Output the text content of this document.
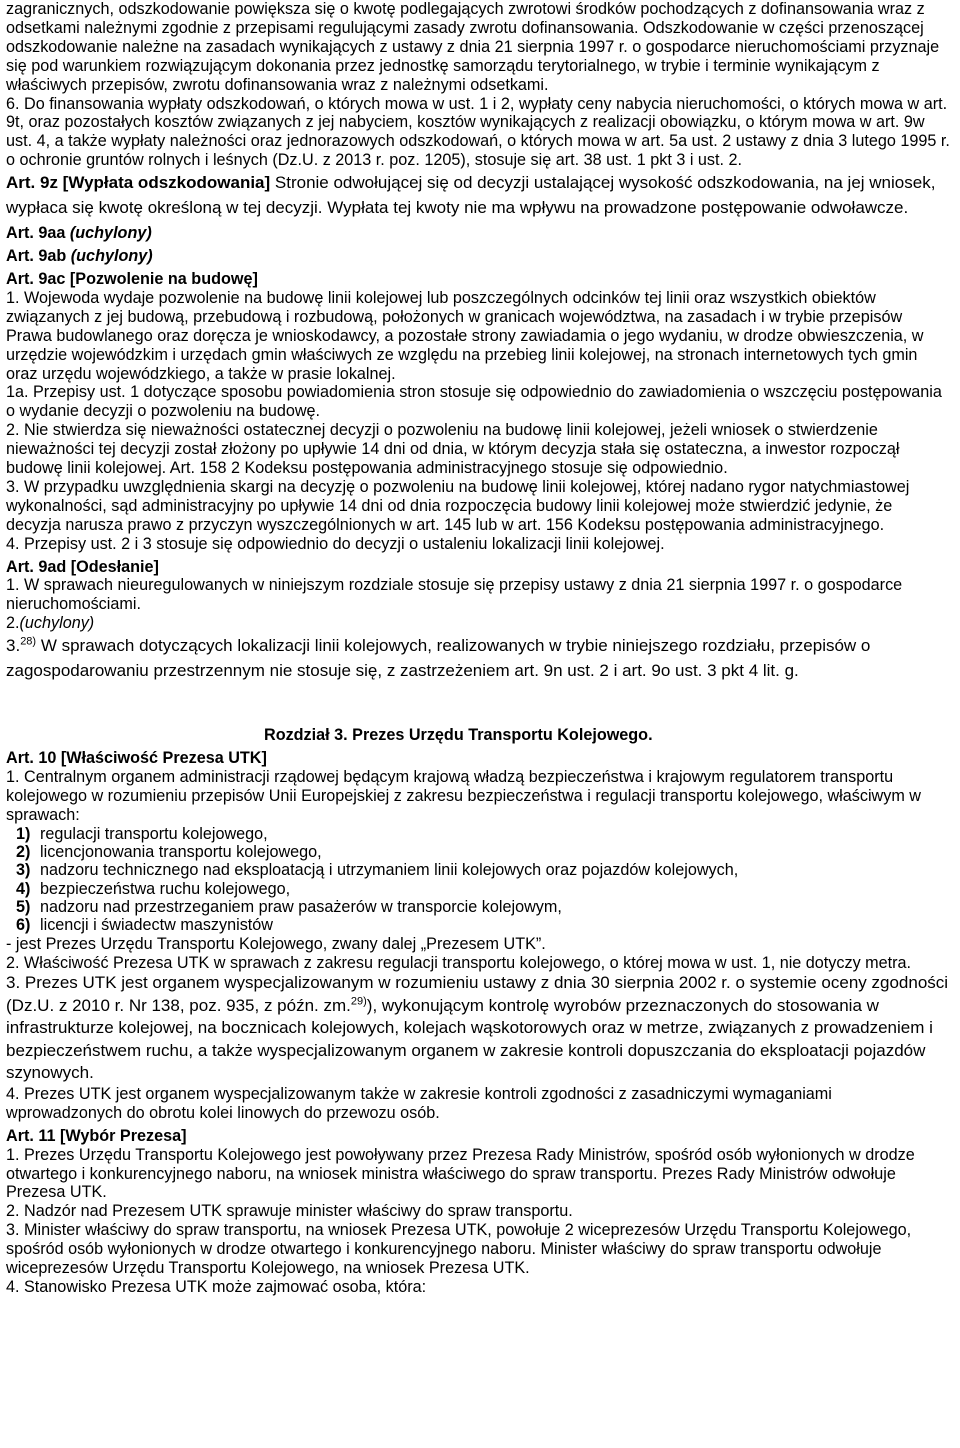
zagranicznych, odszkodowanie powiększa się o kwotę podlegających zwrotowi środków pochodzących z dofinansowania wraz z odsetkami należnymi zgodnie z przepisami regulującymi zasady zwrotu dofinansowania. Odszkodowanie w części przenoszącej odszkodowanie należne na zasadach wynikających z ustawy z dnia 21 sierpnia 1997 r. o gospodarce nieruchomościami przyznaje się pod warunkiem rozwiązującym dokonania przez jednostkę samorządu terytorialnego, w trybie i terminie wynikającym z właściwych przepisów, zwrotu dofinansowania wraz z należnymi odsetkami.

6. Do finansowania wypłaty odszkodowań, o których mowa w ust. 1 i 2, wypłaty ceny nabycia nieruchomości, o których mowa w art. 9t, oraz pozostałych kosztów związanych z jej nabyciem, kosztów wynikających z realizacji obowiązku, o którym mowa w art. 9w ust. 4, a także wypłaty należności oraz jednorazowych odszkodowań, o których mowa w art. 5a ust. 2 ustawy z dnia 3 lutego 1995 r. o ochronie gruntów rolnych i leśnych (Dz.U. z 2013 r. poz. 1205), stosuje się art. 38 ust. 1 pkt 3 i ust. 2.

Art. 9z [Wypłata odszkodowania] Stronie odwołującej się od decyzji ustalającej wysokość odszkodowania, na jej wniosek, wypłaca się kwotę określoną w tej decyzji. Wypłata tej kwoty nie ma wpływu na prowadzone postępowanie odwoławcze.

Art. 9aa (uchylony)

Art. 9ab (uchylony)

Art. 9ac [Pozwolenie na budowę]

1. Wojewoda wydaje pozwolenie na budowę linii kolejowej lub poszczególnych odcinków tej linii oraz wszystkich obiektów związanych z jej budową, przebudową i rozbudową, położonych w granicach województwa, na zasadach i w trybie przepisów Prawa budowlanego oraz doręcza je wnioskodawcy, a pozostałe strony zawiadamia o jego wydaniu, w drodze obwieszczenia, w urzędzie wojewódzkim i urzędach gmin właściwych ze względu na przebieg linii kolejowej, na stronach internetowych tych gmin oraz urzędu wojewódzkiego, a także w prasie lokalnej.

1a. Przepisy ust. 1 dotyczące sposobu powiadomienia stron stosuje się odpowiednio do zawiadomienia o wszczęciu postępowania o wydanie decyzji o pozwoleniu na budowę.

2. Nie stwierdza się nieważności ostatecznej decyzji o pozwoleniu na budowę linii kolejowej, jeżeli wniosek o stwierdzenie nieważności tej decyzji został złożony po upływie 14 dni od dnia, w którym decyzja stała się ostateczna, a inwestor rozpoczął budowę linii kolejowej. Art. 158 2 Kodeksu postępowania administracyjnego stosuje się odpowiednio.

3. W przypadku uwzględnienia skargi na decyzję o pozwoleniu na budowę linii kolejowej, której nadano rygor natychmiastowej wykonalności, sąd administracyjny po upływie 14 dni od dnia rozpoczęcia budowy linii kolejowej może stwierdzić jedynie, że decyzja narusza prawo z przyczyn wyszczególnionych w art. 145 lub w art. 156 Kodeksu postępowania administracyjnego.

4. Przepisy ust. 2 i 3 stosuje się odpowiednio do decyzji o ustaleniu lokalizacji linii kolejowej.

Art. 9ad [Odesłanie]

1. W sprawach nieuregulowanych w niniejszym rozdziale stosuje się przepisy ustawy z dnia 21 sierpnia 1997 r. o gospodarce nieruchomościami.

2.(uchylony)

3.$^{28)}$ W sprawach dotyczących lokalizacji linii kolejowych, realizowanych w trybie niniejszego rozdziału, przepisów o zagospodarowaniu przestrzennym nie stosuje się, z zastrzeżeniem art. 9n ust. 2 i art. 9o ust. 3 pkt 4 lit. g.

Rozdział 3. Prezes Urzędu Transportu Kolejowego.

Art. 10 [Właściwość Prezesa UTK]

1. Centralnym organem administracji rządowej będącym krajową władzą bezpieczeństwa i krajowym regulatorem transportu kolejowego w rozumieniu przepisów Unii Europejskiej z zakresu bezpieczeństwa i regulacji transportu kolejowego, właściwym w sprawach:

1) regulacji transportu kolejowego,
2) licencjonowania transportu kolejowego,
3) nadzoru technicznego nad eksploatacją i utrzymaniem linii kolejowych oraz pojazdów kolejowych,
4) bezpieczeństwa ruchu kolejowego,
5) nadzoru nad przestrzeganiem praw pasażerów w transporcie kolejowym,
6) licencji i świadectw maszynistów

- jest Prezes Urzędu Transportu Kolejowego, zwany dalej „Prezesem UTK”.

2. Właściwość Prezesa UTK w sprawach z zakresu regulacji transportu kolejowego, o której mowa w ust. 1, nie dotyczy metra.

3. Prezes UTK jest organem wyspecjalizowanym w rozumieniu ustawy z dnia 30 sierpnia 2002 r. o systemie oceny zgodności (Dz.U. z 2010 r. Nr 138, poz. 935, z późn. zm.$^{29)}$), wykonującym kontrolę wyrobów przeznaczonych do stosowania w infrastrukturze kolejowej, na bocznicach kolejowych, kolejach wąskotorowych oraz w metrze, związanych z prowadzeniem i bezpieczeństwem ruchu, a także wyspecjalizowanym organem w zakresie kontroli dopuszczania do eksploatacji pojazdów szynowych.

4. Prezes UTK jest organem wyspecjalizowanym także w zakresie kontroli zgodności z zasadniczymi wymaganiami wprowadzonych do obrotu kolei linowych do przewozu osób.

Art. 11 [Wybór Prezesa]

1. Prezes Urzędu Transportu Kolejowego jest powoływany przez Prezesa Rady Ministrów, spośród osób wyłonionych w drodze otwartego i konkurencyjnego naboru, na wniosek ministra właściwego do spraw transportu. Prezes Rady Ministrów odwołuje Prezesa UTK.

2. Nadzór nad Prezesem UTK sprawuje minister właściwy do spraw transportu.

3. Minister właściwy do spraw transportu, na wniosek Prezesa UTK, powołuje 2 wiceprezesów Urzędu Transportu Kolejowego, spośród osób wyłonionych w drodze otwartego i konkurencyjnego naboru. Minister właściwy do spraw transportu odwołuje wiceprezesów Urzędu Transportu Kolejowego, na wniosek Prezesa UTK.

4. Stanowisko Prezesa UTK może zajmować osoba, która:
